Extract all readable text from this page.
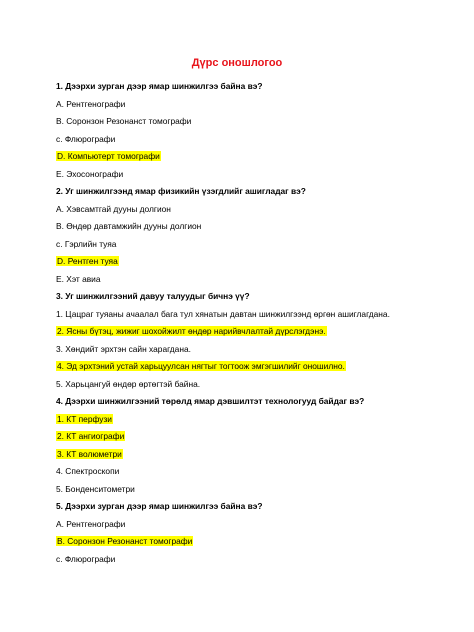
Дүрс оношлогоо
1. Дээрхи зурган дээр ямар шинжилгээ байна вэ?
A. Рентгенографи
B. Соронзон Резонанст томографи
c. Флюрографи
D. Компьютерт томографи
E. Эхосонографи
2. Уг шинжилгээнд ямар физикийн үзэгдлийг ашигладаг вэ?
A. Хэвсамтгай дууны долгион
B. Өндөр давтамжийн дууны долгион
c. Гэрлийн туяа
D. Рентген туяа
E. Хэт авиа
3. Уг шинжилгээний давуу талуудыг бичнэ үү?
1. Цацраг туяаны ачаалал бага тул хянатын давтан шинжилгээнд өргөн ашиглагдана.
2. Ясны бүтэц, жижиг шохойжилт өндөр нарийвчлалтай дүрслэгдэнэ.
3. Хөндийт эрхтэн сайн харагдана.
4. Эд эрхтэний устай харьцуулсан нягтыг тогтоож эмгэгшилийг оношилно.
5. Харьцангуй өндөр өртөгтэй байна.
4. Дээрхи шинжилгээний төрөлд ямар дэвшилтэт технологууд байдаг вэ?
1. КТ перфузи
2. КТ ангиографи
3. КТ волюметри
4. Спектроскопи
5. Бонденситометри
5. Дээрхи зурган дээр ямар шинжилгээ байна вэ?
A. Рентгенографи
B. Соронзон Резонанст томографи
c. Флюрографи
